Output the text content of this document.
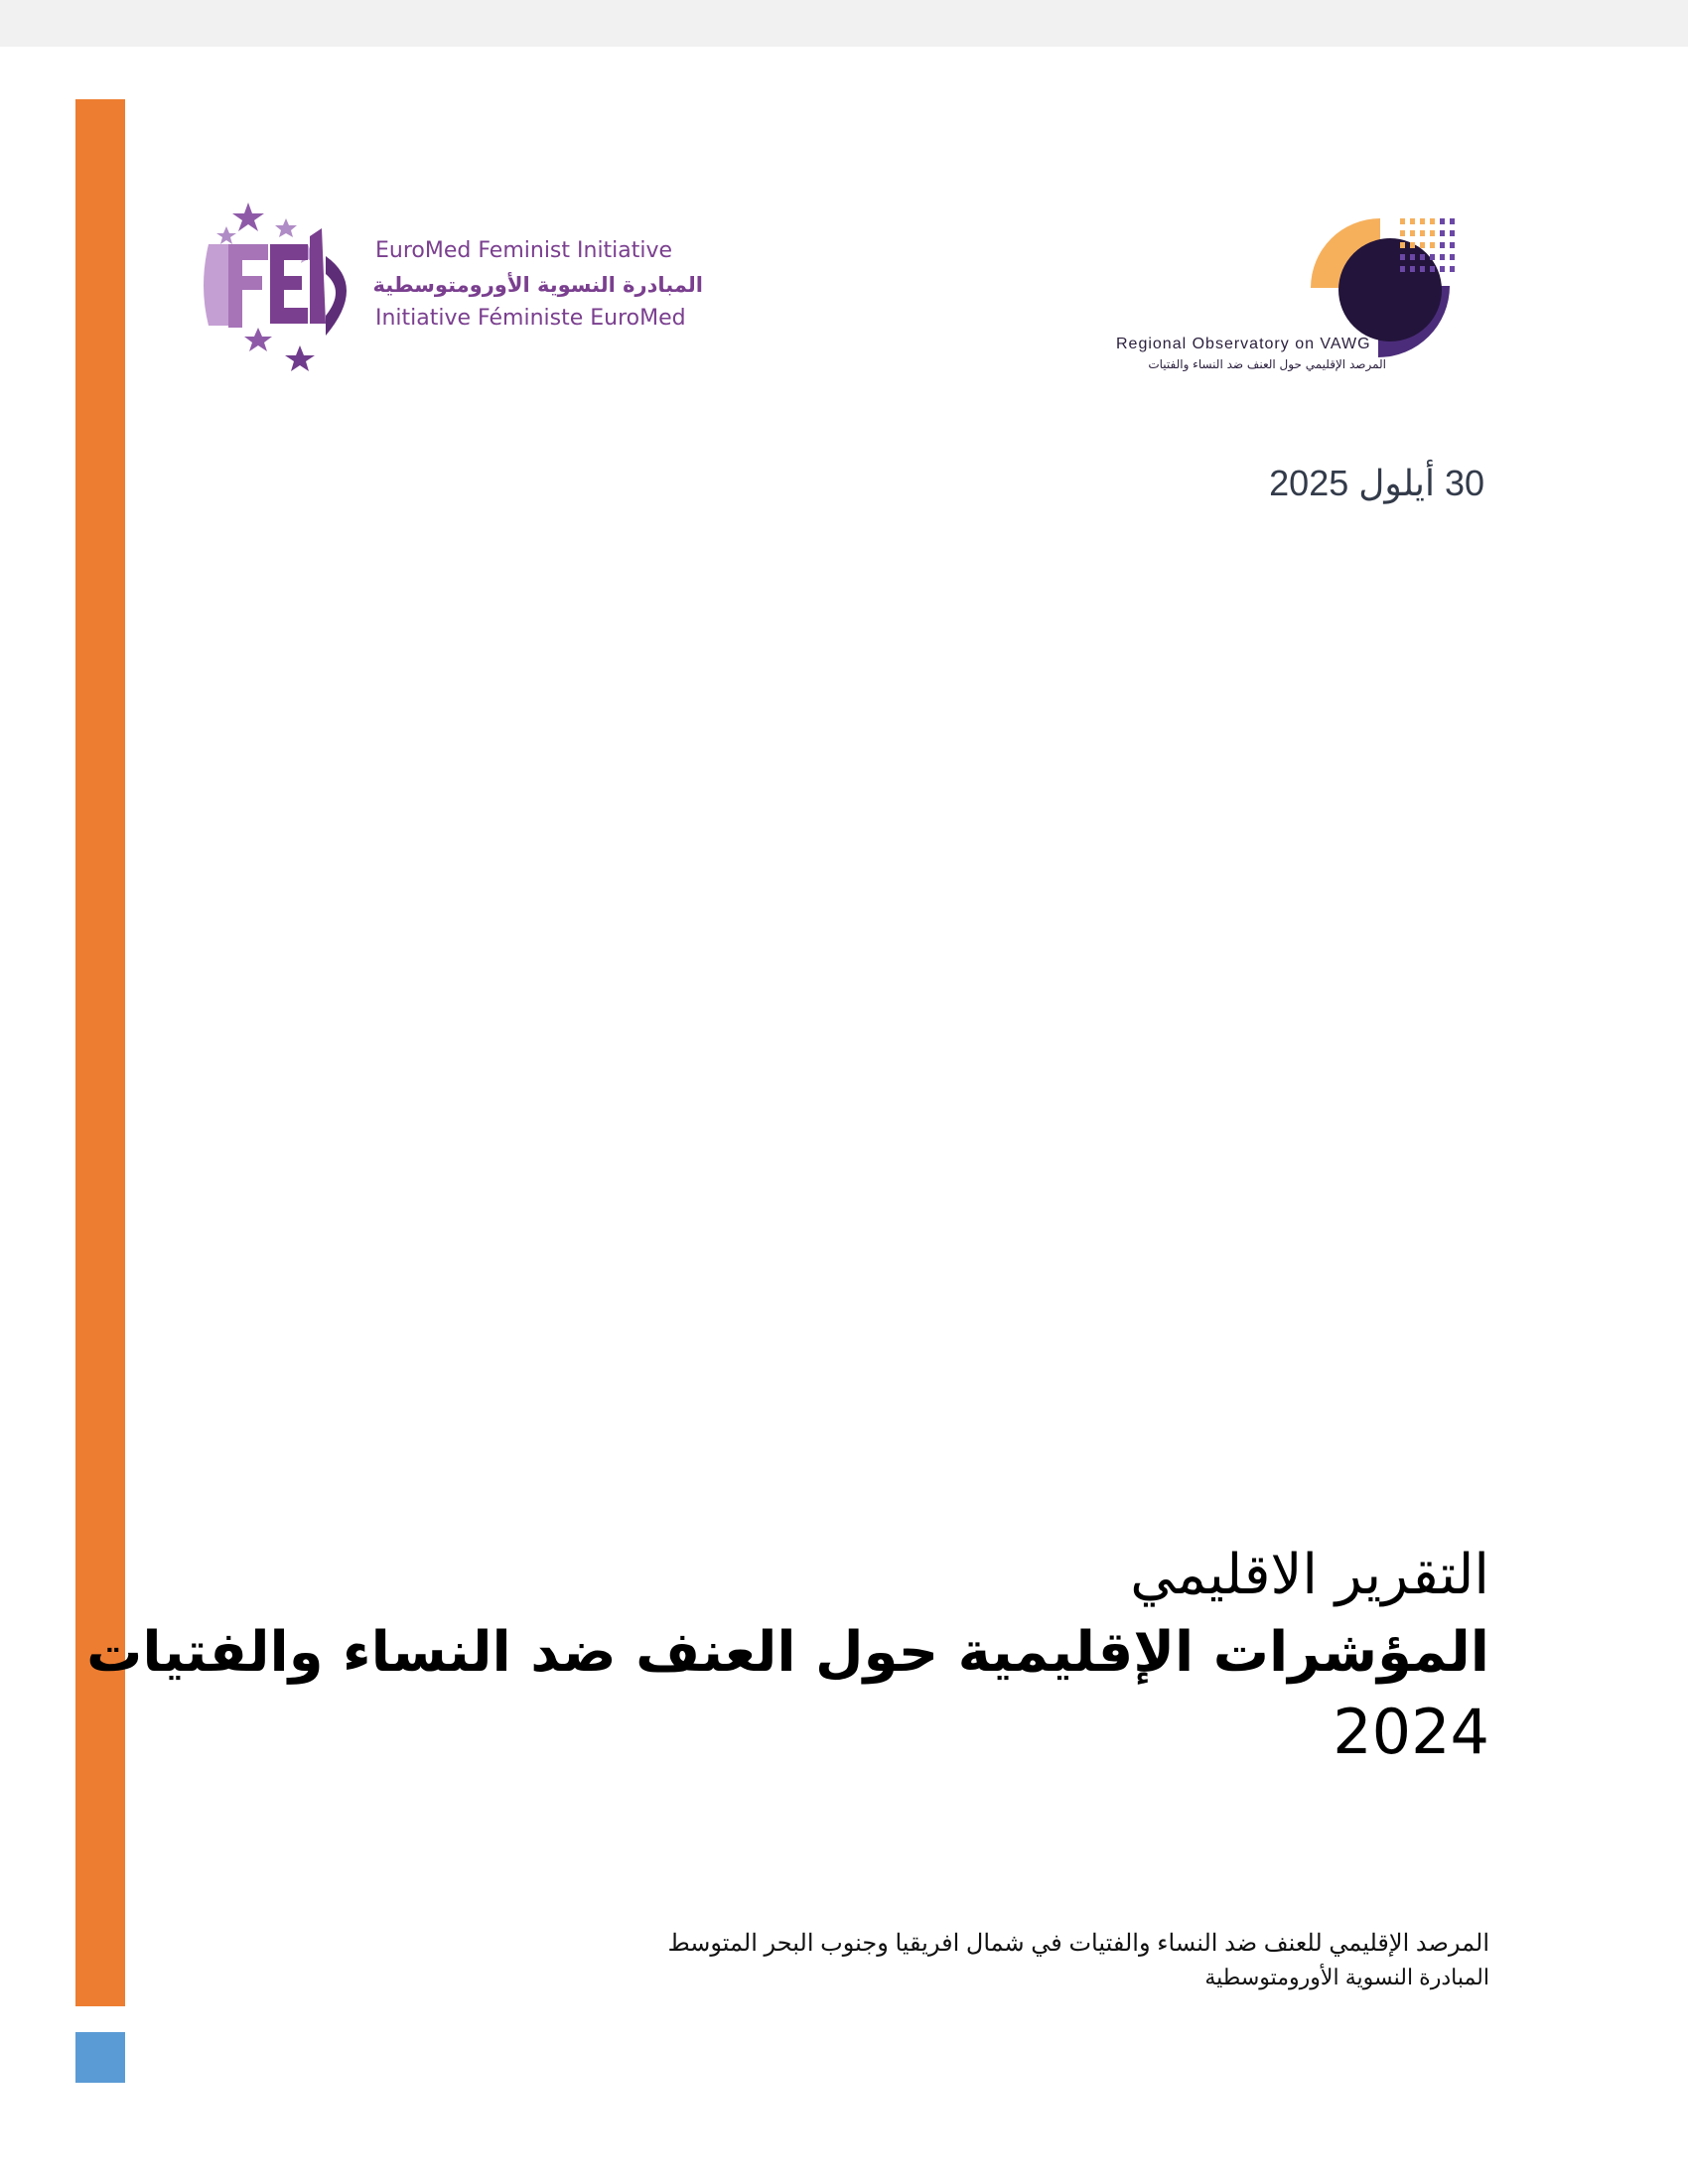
EuroMed Feminist Initiative
المبادرة النسوية الأورومتوسطية
Initiative Féministe EuroMed
Regional Observatory on VAWG
المرصد الإقليمي حول العنف ضد النساء والفتيات
30 أيلول 2025
التقرير الاقليمي
المؤشرات الإقليمية حول العنف ضد النساء والفتيات
2024
المرصد الإقليمي للعنف ضد النساء والفتيات في شمال افريقيا وجنوب البحر المتوسط
المبادرة النسوية الأورومتوسطية
